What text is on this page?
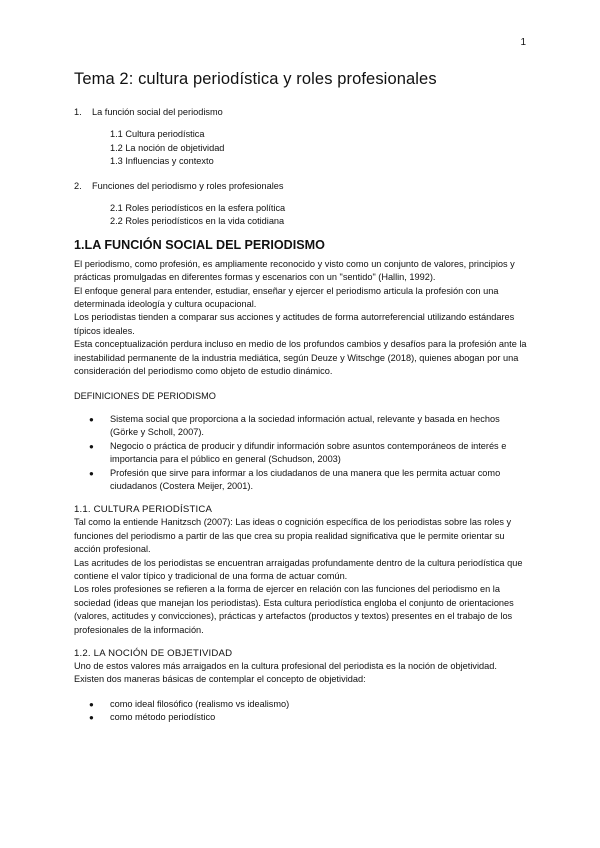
1
Tema 2: cultura periodística y roles profesionales

1. La función social del periodismo

1.1 Cultura periodística

1.2 La noción de objetividad

1.3 Influencias y contexto

2. Funciones del periodismo y roles profesionales

2.1 Roles periodísticos en la esfera política

2.2 Roles periodísticos en la vida cotidiana

1.LA FUNCIÓN SOCIAL DEL PERIODISMO

El periodismo, como profesión, es ampliamente reconocido y visto como un conjunto de valores, principios y prácticas promulgadas en diferentes formas y escenarios con un "sentido" (Hallin, 1992).

El enfoque general para entender, estudiar, enseñar y ejercer el periodismo articula la profesión con una determinada ideología y cultura ocupacional.

Los periodistas tienden a comparar sus acciones y actitudes de forma autorreferencial utilizando estándares típicos ideales.

Esta conceptualización perdura incluso en medio de los profundos cambios y desafíos para la profesión ante la inestabilidad permanente de la industria mediática, según Deuze y Witschge (2018), quienes abogan por una consideración del periodismo como objeto de estudio dinámico.

DEFINICIONES DE PERIODISMO

● Sistema social que proporciona a la sociedad información actual, relevante y basada en hechos (Görke y Scholl, 2007).
● Negocio o práctica de producir y difundir información sobre asuntos contemporáneos de interés e importancia para el público en general (Schudson, 2003)
● Profesión que sirve para informar a los ciudadanos de una manera que les permita actuar como ciudadanos (Costera Meijer, 2001).
1.1. CULTURA PERIODÍSTICA

Tal como la entiende Hanitzsch (2007): Las ideas o cognición específica de los periodistas sobre las roles y funciones del periodismo a partir de las que crea su propia realidad significativa que le permite orientar su acción profesional.

Las acritudes de los periodistas se encuentran arraigadas profundamente dentro de la cultura periodística que contiene el valor típico y tradicional de una forma de actuar común.

Los roles profesiones se refieren a la forma de ejercer en relación con las funciones del periodismo en la sociedad (ideas que manejan los periodistas). Esta cultura periodística engloba el conjunto de orientaciones (valores, actitudes y convicciones), prácticas y artefactos (productos y textos) presentes en el trabajo de los profesionales de la información.

1.2. LA NOCIÓN DE OBJETIVIDAD

Uno de estos valores más arraigados en la cultura profesional del periodista es la noción de objetividad.

Existen dos maneras básicas de contemplar el concepto de objetividad:

● como ideal filosófico (realismo vs idealismo)
● como método periodístico
